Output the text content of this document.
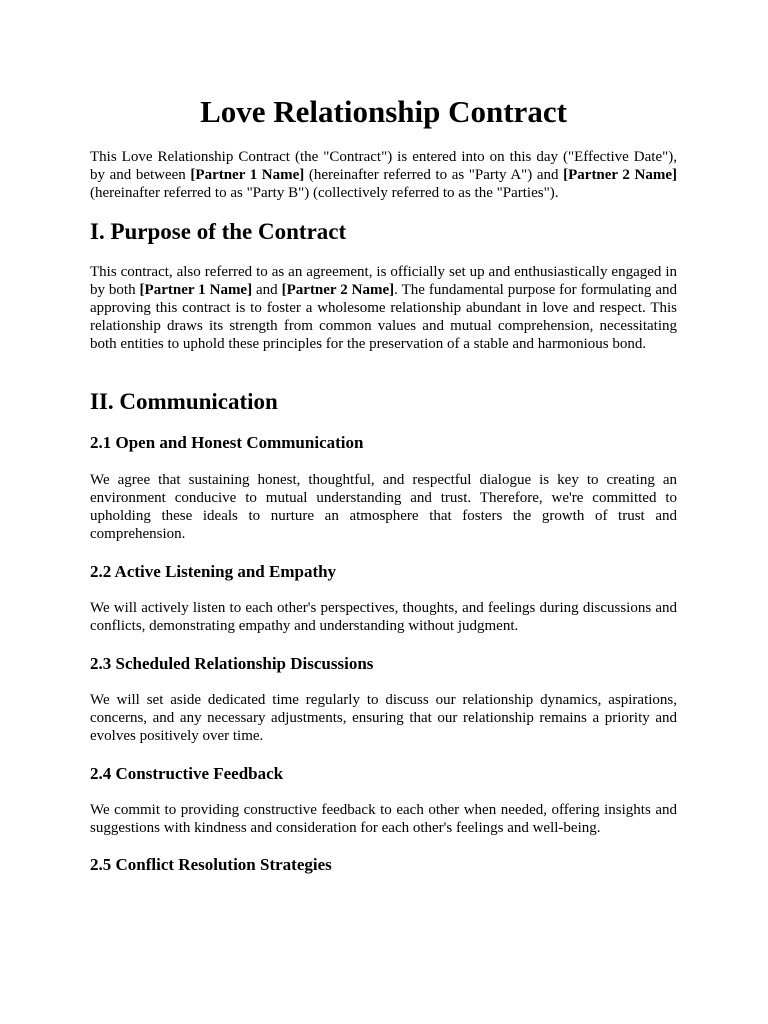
Love Relationship Contract

This Love Relationship Contract (the "Contract") is entered into on this day ("Effective Date"), by and between [Partner 1 Name] (hereinafter referred to as "Party A") and [Partner 2 Name] (hereinafter referred to as "Party B") (collectively referred to as the "Parties").

I. Purpose of the Contract

This contract, also referred to as an agreement, is officially set up and enthusiastically engaged in by both [Partner 1 Name] and [Partner 2 Name]. The fundamental purpose for formulating and approving this contract is to foster a wholesome relationship abundant in love and respect. This relationship draws its strength from common values and mutual comprehension, necessitating both entities to uphold these principles for the preservation of a stable and harmonious bond.

II. Communication
2.1 Open and Honest Communication

We agree that sustaining honest, thoughtful, and respectful dialogue is key to creating an environment conducive to mutual understanding and trust. Therefore, we're committed to upholding these ideals to nurture an atmosphere that fosters the growth of trust and comprehension.

2.2 Active Listening and Empathy

We will actively listen to each other's perspectives, thoughts, and feelings during discussions and conflicts, demonstrating empathy and understanding without judgment.

2.3 Scheduled Relationship Discussions

We will set aside dedicated time regularly to discuss our relationship dynamics, aspirations, concerns, and any necessary adjustments, ensuring that our relationship remains a priority and evolves positively over time.

2.4 Constructive Feedback

We commit to providing constructive feedback to each other when needed, offering insights and suggestions with kindness and consideration for each other's feelings and well-being.

2.5 Conflict Resolution Strategies
